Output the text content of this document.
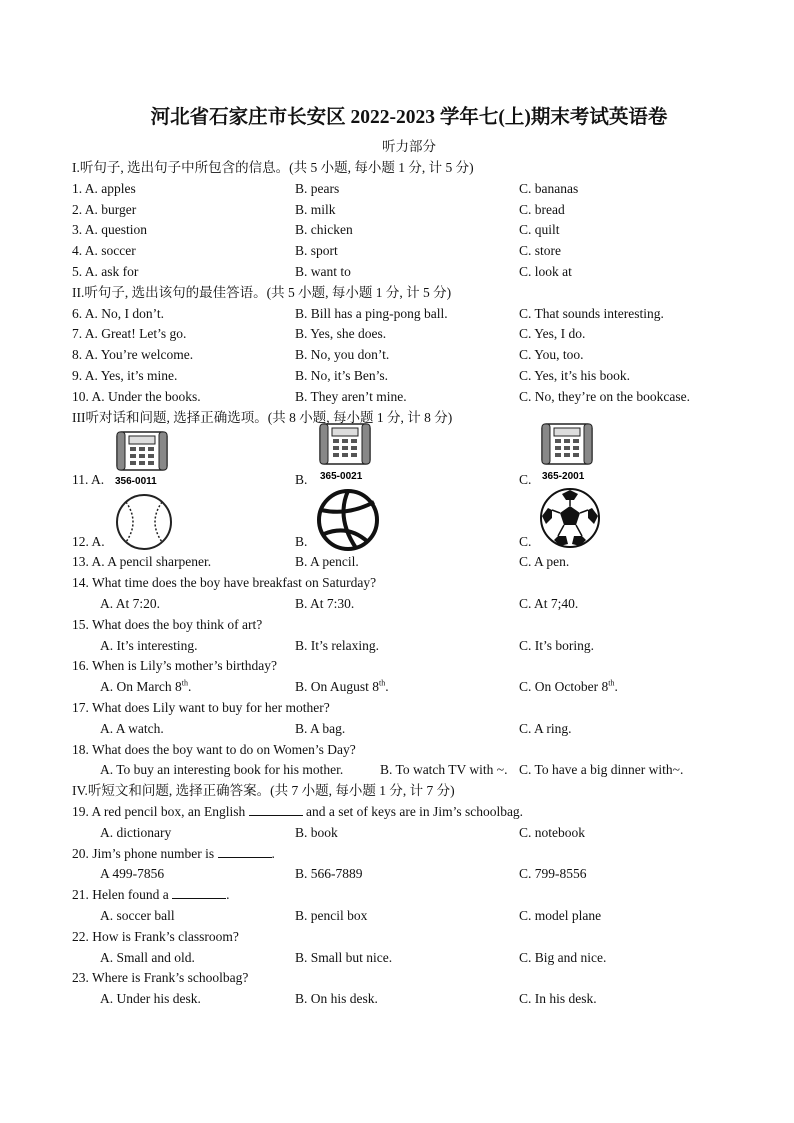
河北省石家庄市长安区 2022-2023 学年七(上)期末考试英语卷
听力部分
I.听句子, 选出句子中所包含的信息。(共 5 小题, 每小题 1 分, 计 5 分)
1. A. apples	B. pears	C. bananas
2. A. burger	B. milk	C. bread
3. A. question	B. chicken	C. quilt
4. A. soccer	B. sport	C. store
5. A. ask for	B. want to	C. look at
II.听句子, 选出该句的最佳答语。(共 5 小题, 每小题 1 分, 计 5 分)
6. A. No, I don’t.	B. Bill has a ping-pong ball.	C. That sounds interesting.
7. A. Great! Let’s go.	B. Yes, she does.	C. Yes, I do.
8. A. You’re welcome.	B. No, you don’t.	C. You, too.
9. A. Yes, it’s mine.	B. No, it’s Ben’s.	C. Yes, it’s his book.
10. A. Under the books.	B. They aren’t mine.	C. No, they’re on the bookcase.
III听对话和问题, 选择正确选项。(共 8 小题, 每小题 1 分, 计 8 分)
11. A. 356-0011	B. 365-0021	C. 365-2001
12. A.	B.	C.
13. A. A pencil sharpener.	B. A pencil.	C. A pen.
14. What time does the boy have breakfast on Saturday?
A. At 7:20.	B. At 7:30.	C. At 7;40.
15. What does the boy think of art?
A. It’s interesting.	B. It’s relaxing.	C. It’s boring.
16. When is Lily’s mother’s birthday?
A. On March 8th.	B. On August 8th.	C. On October 8th.
17. What does Lily want to buy for her mother?
A. A watch.	B. A bag.	C. A ring.
18. What does the boy want to do on Women’s Day?
A. To buy an interesting book for his mother.	B. To watch TV with ~. C. To have a big dinner with~.
IV.听短文和问题, 选择正确答案。(共 7 小题, 每小题 1 分, 计 7 分)
19. A red pencil box, an English	and a set of keys are in Jim’s schoolbag.
A. dictionary	B. book	C. notebook
20. Jim’s phone number is	.
A 499-7856	B. 566-7889	C. 799-8556
21. Helen found a	.
A. soccer ball	B. pencil box	C. model plane
22. How is Frank’s classroom?
A. Small and old.	B. Small but nice.	C. Big and nice.
23. Where is Frank’s schoolbag?
A. Under his desk.	B. On his desk.	C. In his desk.
